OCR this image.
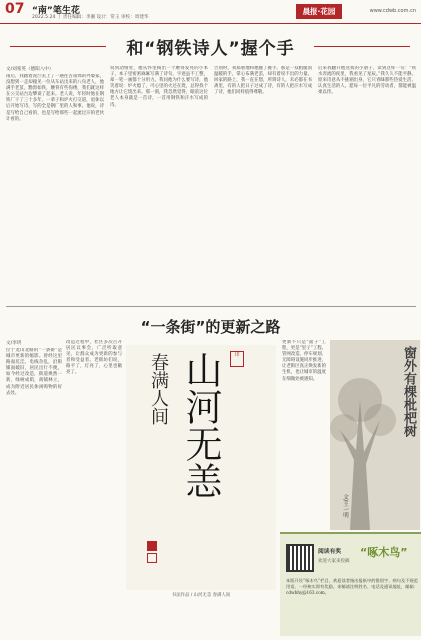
07 “南”笔生花
2022.5.24 丨 责任编辑：李湘 设计：常玉 审校：周建华
晨报·花园	www.cdwb.com.cn
和“钢铁诗人”握个手
文/刘希英（德阳八中）
雨后，我踏着泥泞去上了一趟往古南郊的外婆家，没想到一走却撞见一位从车站出来的八旬老人，他满手老茧，黝黑如铁，腰背有些佝偻，我们就这样在公交站台边攀谈了起来。老人说，年轻时他在钢铁厂干了三十多年，一辈子和炉火打交道，退休以后开始写诗，写的全是钢厂里的人和事。他说，诗是写给自己看的，也是写给那些一起流过汗的老伙计看的。
说到动情处，他从怀里掏出一个磨得发亮的小本子，本子里密密麻麻写满了诗句，字迹虽不工整，却一笔一画都十分用力。我问他为什么要写诗，他笑着说：炉火熄了，可心里的火还在烧，总得找个地方让它烧出来。那一刻，我忽然觉得，眼前这位老人本身就是一首诗，一首用钢铁和汗水写成的诗。
告别时，我郑重地和他握了握手。那是一双粗糙而温暖的手，掌心布满老茧，却有着说不出的力量。回家的路上，我一直在想，所谓诗人，未必都在书斋里，有的人把日子过成了诗，有的人把汗水写成了诗，他们同样值得尊敬。
后来我翻开他送我的小册子，读到这样一句：“铁水奔流的夜里，我看见了星辰。”我久久不能平静。原来诗意从不挑剔出身，它只青睐那些热爱生活、认真生活的人。愿每一位平凡的劳动者，都能被温柔以待。
“一条街”的更新之路
文/李玥
位于龙山北路的“一条街”是城市更新的缩影。曾经这里路面坑洼、电线杂乱，沿街铺面破旧，居民出行不便。如今经过改造，街道焕然一新，绿树成荫，商铺林立，成为附近居民休闲购物的好去处。
改造过程中，社区多次召开居民议事会，广泛听取意见，让群众成为更新的参与者和受益者。老街坊们说，路平了，灯亮了，心里也敞亮了。
更新不只是“面子”工程，更是“里子”工程。管网改造、停车规划、无障碍设施同步推进，让老街区真正焕发新的生机，也让城市的温度在细微处被感知。
山河无恙
春满人间	印
书法作品 / 山河无恙 春满人间
窗外有棵枇杷树
文/王一明
阅读有奖
欢迎大家来投稿
“啄木鸟”
本版开设“啄木鸟”栏目，欢迎读者指出报纸中的错别字、病句及不规范用语，一经核实即有奖励。来稿请注明姓名、电话及通讯地址，邮箱：cdwbhy@163.com。
